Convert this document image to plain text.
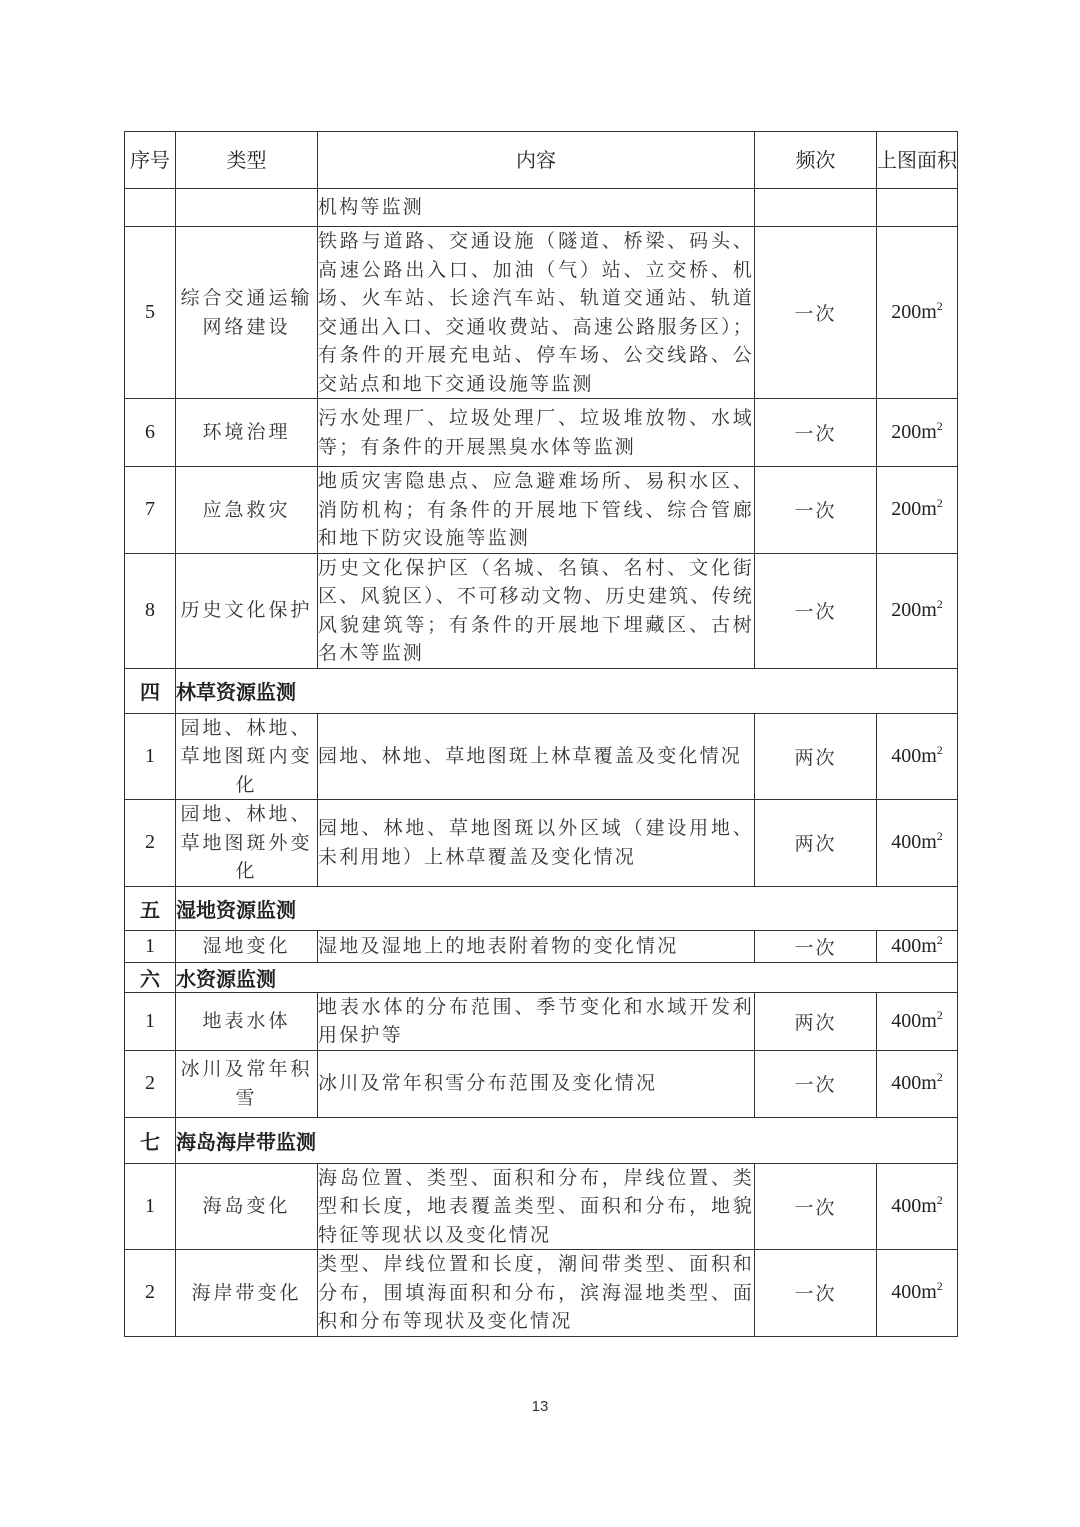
序号	类型	内容	频次	上图面积
		机构等监测		
5	综合交通运输网络建设	铁路与道路、交通设施（隧道、桥梁、码头、高速公路出入口、加油（气）站、立交桥、机场、火车站、长途汽车站、轨道交通站、轨道交通出入口、交通收费站、高速公路服务区）；有条件的开展充电站、停车场、公交线路、公交站点和地下交通设施等监测	一次	$200m^2$
6	环境治理	污水处理厂、垃圾处理厂、垃圾堆放物、水域等；有条件的开展黑臭水体等监测	一次	$200m^2$
7	应急救灾	地质灾害隐患点、应急避难场所、易积水区、消防机构；有条件的开展地下管线、综合管廊和地下防灾设施等监测	一次	$200m^2$
8	历史文化保护	历史文化保护区（名城、名镇、名村、文化街区、风貌区）、不可移动文物、历史建筑、传统风貌建筑等；有条件的开展地下埋藏区、古树名木等监测	一次	$200m^2$
四	林草资源监测			
1	园地、林地、草地图斑内变化	园地、林地、草地图斑上林草覆盖及变化情况	两次	$400m^2$
2	园地、林地、草地图斑外变化	园地、林地、草地图斑以外区域（建设用地、未利用地）上林草覆盖及变化情况	两次	$400m^2$
五	湿地资源监测			
1	湿地变化	湿地及湿地上的地表附着物的变化情况	一次	$400m^2$
六	水资源监测			
1	地表水体	地表水体的分布范围、季节变化和水域开发利用保护等	两次	$400m^2$
2	冰川及常年积雪	冰川及常年积雪分布范围及变化情况	一次	$400m^2$
七	海岛海岸带监测			
1	海岛变化	海岛位置、类型、面积和分布，岸线位置、类型和长度，地表覆盖类型、面积和分布，地貌特征等现状以及变化情况	一次	$400m^2$
2	海岸带变化	类型、岸线位置和长度，潮间带类型、面积和分布，围填海面积和分布，滨海湿地类型、面积和分布等现状及变化情况	一次	$400m^2$
13
